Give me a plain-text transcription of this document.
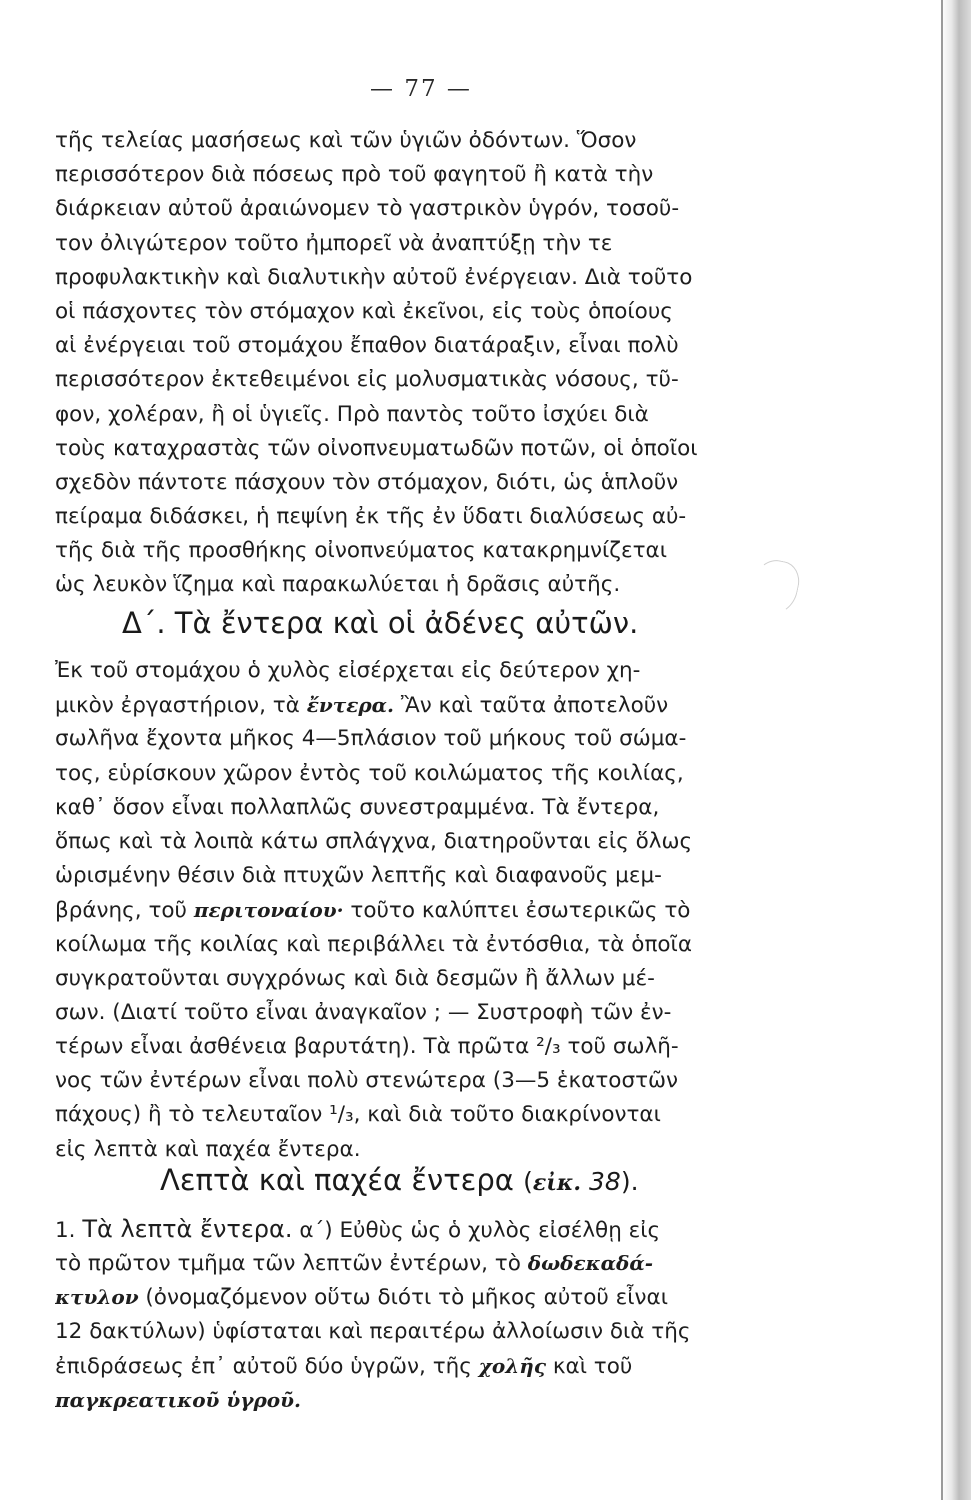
— 77 —
τῆς τελείας μασήσεως καὶ τῶν ὑγιῶν ὀδόντων. Ὅσον
περισσότερον διὰ πόσεως πρὸ τοῦ φαγητοῦ ἢ κατὰ τὴν
διάρκειαν αὐτοῦ ἀραιώνομεν τὸ γαστρικὸν ὑγρόν, τοσοῦ-
τον ὀλιγώτερον τοῦτο ἠμπορεῖ νὰ ἀναπτύξῃ τὴν τε
προφυλακτικὴν καὶ διαλυτικὴν αὐτοῦ ἐνέργειαν. Διὰ τοῦτο
οἱ πάσχοντες τὸν στόμαχον καὶ ἐκεῖνοι, εἰς τοὺς ὁποίους
αἱ ἐνέργειαι τοῦ στομάχου ἔπαθον διατάραξιν, εἶναι πολὺ
περισσότερον ἐκτεθειμένοι εἰς μολυσματικὰς νόσους, τῦ-
φον, χολέραν, ἢ οἱ ὑγιεῖς. Πρὸ παντὸς τοῦτο ἰσχύει διὰ
τοὺς καταχραστὰς τῶν οἰνοπνευματωδῶν ποτῶν, οἱ ὁποῖοι
σχεδὸν πάντοτε πάσχουν τὸν στόμαχον, διότι, ὡς ἁπλοῦν
πείραμα διδάσκει, ἡ πεψίνη ἐκ τῆς ἐν ὕδατι διαλύσεως αὐ-
τῆς διὰ τῆς προσθήκης οἰνοπνεύματος κατακρημνίζεται
ὡς λευκὸν ἵζημα καὶ παρακωλύεται ἡ δρᾶσις αὐτῆς.
Δ΄. Τὰ ἔντερα καὶ οἱ ἀδένες αὐτῶν.
Ἐκ τοῦ στομάχου ὁ χυλὸς εἰσέρχεται εἰς δεύτερον χη-
μικὸν ἐργαστήριον, τὰ ἔντερα. Ἂν καὶ ταῦτα ἀποτελοῦν
σωλῆνα ἔχοντα μῆκος 4—5πλάσιον τοῦ μήκους τοῦ σώμα-
τος, εὑρίσκουν χῶρον ἐντὸς τοῦ κοιλώματος τῆς κοιλίας,
καθ᾽ ὅσον εἶναι πολλαπλῶς συνεστραμμένα. Τὰ ἔντερα,
ὅπως καὶ τὰ λοιπὰ κάτω σπλάγχνα, διατηροῦνται εἰς ὅλως
ὡρισμένην θέσιν διὰ πτυχῶν λεπτῆς καὶ διαφανοῦς μεμ-
βράνης, τοῦ περιτοναίου· τοῦτο καλύπτει ἐσωτερικῶς τὸ
κοίλωμα τῆς κοιλίας καὶ περιβάλλει τὰ ἐντόσθια, τὰ ὁποῖα
συγκρατοῦνται συγχρόνως καὶ διὰ δεσμῶν ἢ ἄλλων μέ-
σων. (Διατί τοῦτο εἶναι ἀναγκαῖον ; — Συστροφὴ τῶν ἐν-
τέρων εἶναι ἀσθένεια βαρυτάτη). Τὰ πρῶτα ²/₃ τοῦ σωλῆ-
νος τῶν ἐντέρων εἶναι πολὺ στενώτερα (3—5 ἑκατοστῶν
πάχους) ἢ τὸ τελευταῖον ¹/₃, καὶ διὰ τοῦτο διακρίνονται
εἰς λεπτὰ καὶ παχέα ἔντερα.
Λεπτὰ καὶ παχέα ἔντερα (εἰκ. 38).
1. Τὰ λεπτὰ ἔντερα. α΄) Εὐθὺς ὡς ὁ χυλὸς εἰσέλθῃ εἰς
τὸ πρῶτον τμῆμα τῶν λεπτῶν ἐντέρων, τὸ δωδεκαδά-
κτυλον (ὀνομαζόμενον οὕτω διότι τὸ μῆκος αὐτοῦ εἶναι
12 δακτύλων) ὑφίσταται καὶ περαιτέρω ἀλλοίωσιν διὰ τῆς
ἐπιδράσεως ἐπ᾽ αὐτοῦ δύο ὑγρῶν, τῆς χολῆς καὶ τοῦ
παγκρεατικοῦ ὑγροῦ.
